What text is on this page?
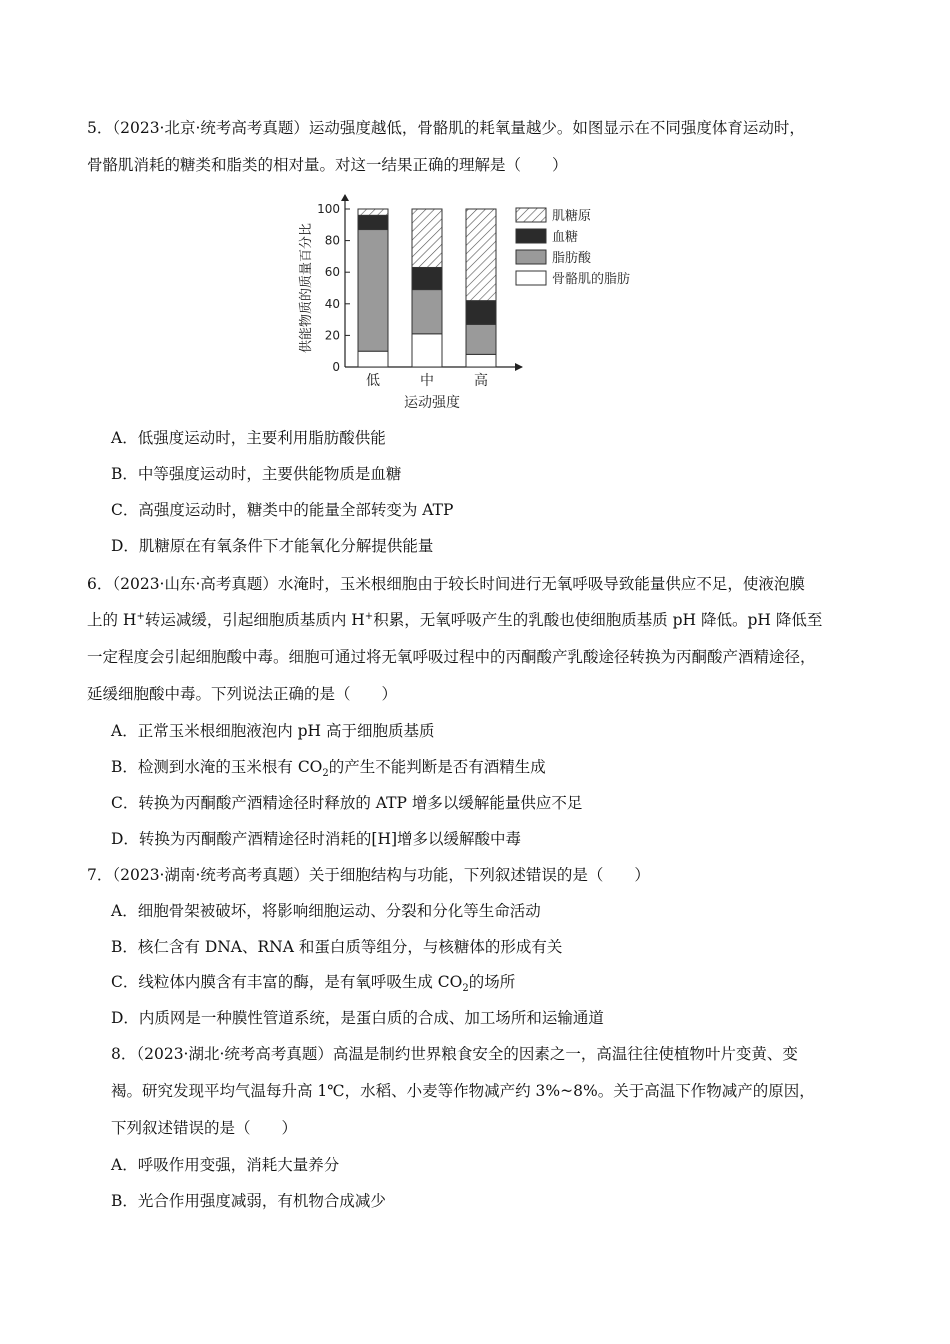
5．（2023·北京·统考高考真题）运动强度越低，骨骼肌的耗氧量越少。如图显示在不同强度体育运动时，
骨骼肌消耗的糖类和脂类的相对量。对这一结果正确的理解是（　　）
0
20
40
60
80
100
供能物质的质量百分比
低	中	高
运动强度
肌糖原
血糖
脂肪酸
骨骼肌的脂肪
A．低强度运动时，主要利用脂肪酸供能
B．中等强度运动时，主要供能物质是血糖
C．高强度运动时，糖类中的能量全部转变为 ATP
D．肌糖原在有氧条件下才能氧化分解提供能量
6．（2023·山东·高考真题）水淹时，玉米根细胞由于较长时间进行无氧呼吸导致能量供应不足，使液泡膜
上的 H+转运减缓，引起细胞质基质内 H+积累，无氧呼吸产生的乳酸也使细胞质基质 pH 降低。pH 降低至
一定程度会引起细胞酸中毒。细胞可通过将无氧呼吸过程中的丙酮酸产乳酸途径转换为丙酮酸产酒精途径，
延缓细胞酸中毒。下列说法正确的是（　　）
A．正常玉米根细胞液泡内 pH 高于细胞质基质
B．检测到水淹的玉米根有 $CO_2$的产生不能判断是否有酒精生成
C．转换为丙酮酸产酒精途径时释放的 ATP 增多以缓解能量供应不足
D．转换为丙酮酸产酒精途径时消耗的[H]增多以缓解酸中毒
7．（2023·湖南·统考高考真题）关于细胞结构与功能，下列叙述错误的是（　　）
A．细胞骨架被破坏，将影响细胞运动、分裂和分化等生命活动
B．核仁含有 DNA、RNA 和蛋白质等组分，与核糖体的形成有关
C．线粒体内膜含有丰富的酶，是有氧呼吸生成 $CO_2$的场所
D．内质网是一种膜性管道系统，是蛋白质的合成、加工场所和运输通道
8．（2023·湖北·统考高考真题）高温是制约世界粮食安全的因素之一，高温往往使植物叶片变黄、变
褐。研究发现平均气温每升高 1℃，水稻、小麦等作物减产约 3%~8%。关于高温下作物减产的原因，
下列叙述错误的是（　　）
A．呼吸作用变强，消耗大量养分
B．光合作用强度减弱，有机物合成减少
